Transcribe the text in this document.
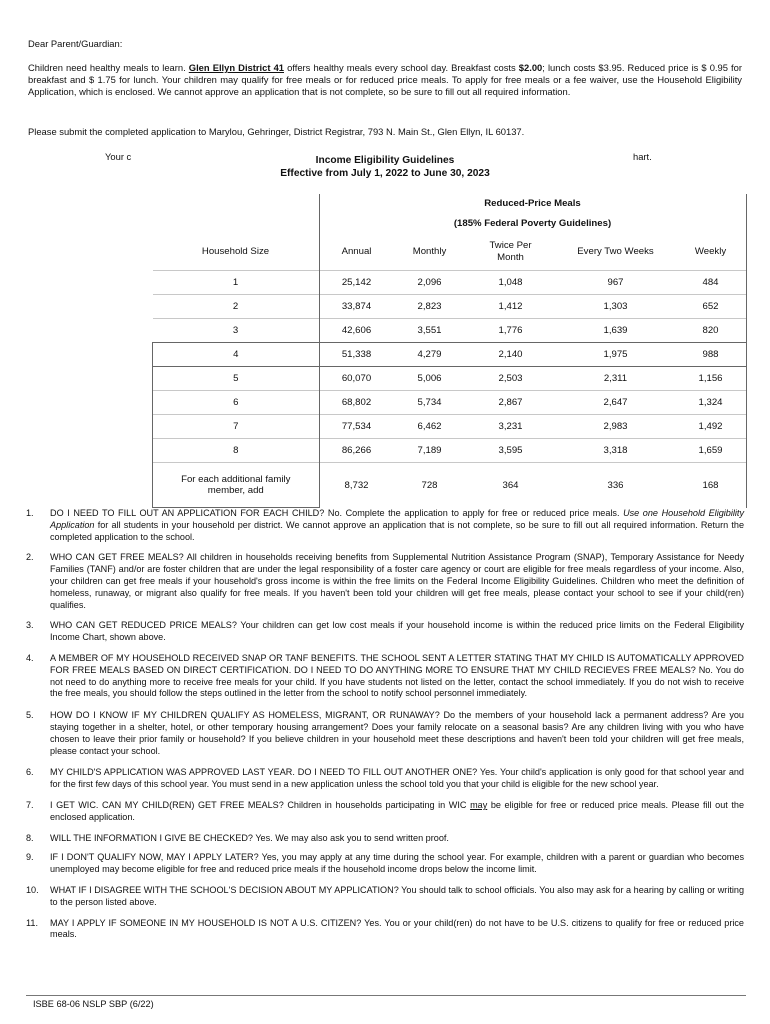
Dear Parent/Guardian:
Children need healthy meals to learn. Glen Ellyn District 41 offers healthy meals every school day. Breakfast costs $2.00; lunch costs $3.95. Reduced price is $ 0.95 for breakfast and $ 1.75 for lunch. Your children may qualify for free meals or for reduced price meals. To apply for free meals or a fee waiver, use the Household Eligibility Application, which is enclosed. We cannot approve an application that is not complete, so be sure to fill out all required information.
Please submit the completed application to Marylou, Gehringer, District Registrar, 793 N. Main St., Glen Ellyn, IL 60137.
Your c	hart.
Income Eligibility Guidelines
Effective from July 1, 2022 to June 30, 2023
	Reduced-Price Meals				
	(185% Federal Poverty Guidelines)				
Household Size	Annual	Monthly	Twice Per Month	Every Two Weeks	Weekly
1	25,142	2,096	1,048	967	484
2	33,874	2,823	1,412	1,303	652
3	42,606	3,551	1,776	1,639	820
4	51,338	4,279	2,140	1,975	988
5	60,070	5,006	2,503	2,311	1,156
6	68,802	5,734	2,867	2,647	1,324
7	77,534	6,462	3,231	2,983	1,492
8	86,266	7,189	3,595	3,318	1,659
For each additional family member, add	8,732	728	364	336	168
1. DO I NEED TO FILL OUT AN APPLICATION FOR EACH CHILD? No. Complete the application to apply for free or reduced price meals. Use one Household Eligibility Application for all students in your household per district. We cannot approve an application that is not complete, so be sure to fill out all required information. Return the completed application to the school.
2. WHO CAN GET FREE MEALS? All children in households receiving benefits from Supplemental Nutrition Assistance Program (SNAP), Temporary Assistance for Needy Families (TANF) and/or are foster children that are under the legal responsibility of a foster care agency or court are eligible for free meals regardless of your income. Also, your children can get free meals if your household's gross income is within the free limits on the Federal Income Eligibility Guidelines. Children who meet the definition of homeless, runaway, or migrant also qualify for free meals. If you haven't been told your children will get free meals, please contact your school to see if your child(ren) qualifies.
3. WHO CAN GET REDUCED PRICE MEALS? Your children can get low cost meals if your household income is within the reduced price limits on the Federal Eligibility Income Chart, shown above.
4. A MEMBER OF MY HOUSEHOLD RECEIVED SNAP OR TANF BENEFITS. THE SCHOOL SENT A LETTER STATING THAT MY CHILD IS AUTOMATICALLY APPROVED FOR FREE MEALS BASED ON DIRECT CERTIFICATION. DO I NEED TO DO ANYTHING MORE TO ENSURE THAT MY CHILD RECIEVES FREE MEALS? No. You do not need to do anything more to receive free meals for your child. If you have students not listed on the letter, contact the school immediately. If you do not wish to receive the free meals, you should follow the steps outlined in the letter from the school to notify school personnel immediately.
5. HOW DO I KNOW IF MY CHILDREN QUALIFY AS HOMELESS, MIGRANT, OR RUNAWAY? Do the members of your household lack a permanent address? Are you staying together in a shelter, hotel, or other temporary housing arrangement? Does your family relocate on a seasonal basis? Are any children living with you who have chosen to leave their prior family or household? If you believe children in your household meet these descriptions and haven't been told your children will get free meals, please contact your school.
6. MY CHILD'S APPLICATION WAS APPROVED LAST YEAR. DO I NEED TO FILL OUT ANOTHER ONE? Yes. Your child's application is only good for that school year and for the first few days of this school year. You must send in a new application unless the school told you that your child is eligible for the new school year.
7. I GET WIC. CAN MY CHILD(REN) GET FREE MEALS? Children in households participating in WIC may be eligible for free or reduced price meals. Please fill out the enclosed application.
8. WILL THE INFORMATION I GIVE BE CHECKED? Yes. We may also ask you to send written proof.
9. IF I DON'T QUALIFY NOW, MAY I APPLY LATER? Yes, you may apply at any time during the school year. For example, children with a parent or guardian who becomes unemployed may become eligible for free and reduced price meals if the household income drops below the income limit.
10. WHAT IF I DISAGREE WITH THE SCHOOL'S DECISION ABOUT MY APPLICATION? You should talk to school officials. You also may ask for a hearing by calling or writing to the person listed above.
11. MAY I APPLY IF SOMEONE IN MY HOUSEHOLD IS NOT A U.S. CITIZEN? Yes. You or your child(ren) do not have to be U.S. citizens to qualify for free or reduced price meals.
ISBE 68-06 NSLP SBP (6/22)
